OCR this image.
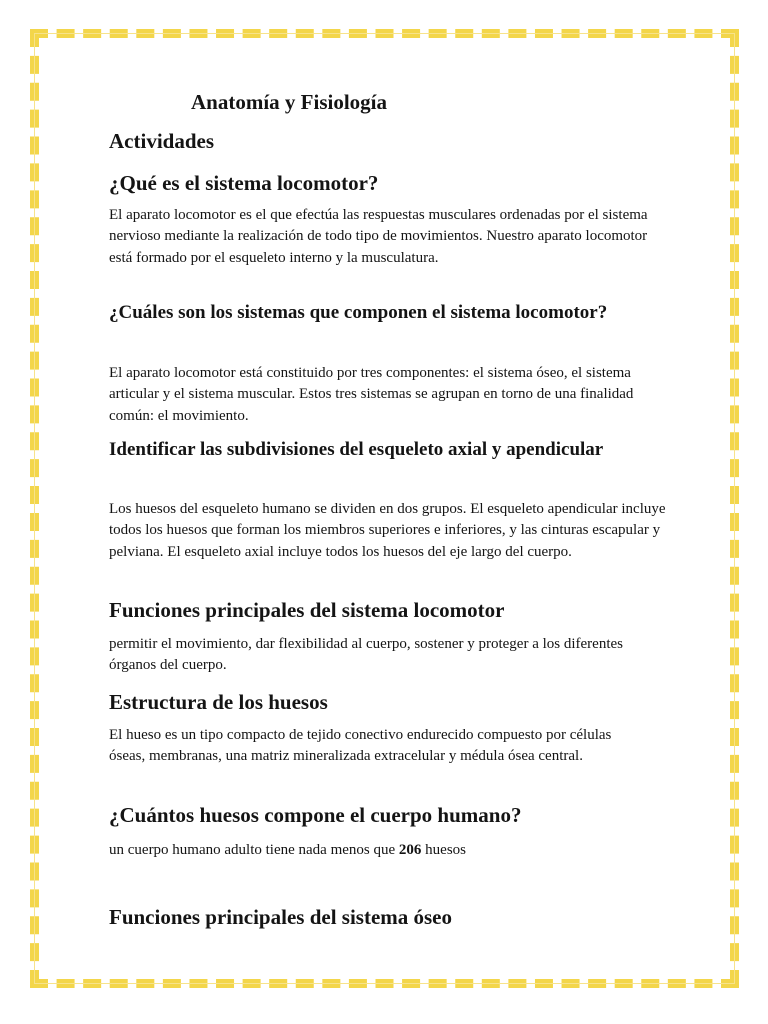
Anatomía y Fisiología
Actividades
¿Qué es el sistema locomotor?

El aparato locomotor es el que efectúa las respuestas musculares ordenadas por el sistema nervioso mediante la realización de todo tipo de movimientos. Nuestro aparato locomotor está formado por el esqueleto interno y la musculatura.

¿Cuáles son los sistemas que componen el sistema locomotor?

El aparato locomotor está constituido por tres componentes: el sistema óseo, el sistema articular y el sistema muscular. Estos tres sistemas se agrupan en torno de una finalidad común: el movimiento.

Identificar las subdivisiones del esqueleto axial y apendicular

Los huesos del esqueleto humano se dividen en dos grupos. El esqueleto apendicular incluye todos los huesos que forman los miembros superiores e inferiores, y las cinturas escapular y pelviana. El esqueleto axial incluye todos los huesos del eje largo del cuerpo.

Funciones principales del sistema locomotor

permitir el movimiento, dar flexibilidad al cuerpo, sostener y proteger a los diferentes órganos del cuerpo.

Estructura de los huesos

El hueso es un tipo compacto de tejido conectivo endurecido compuesto por células óseas, membranas, una matriz mineralizada extracelular y médula ósea central.

¿Cuántos huesos compone el cuerpo humano?

un cuerpo humano adulto tiene nada menos que 206 huesos

Funciones principales del sistema óseo
